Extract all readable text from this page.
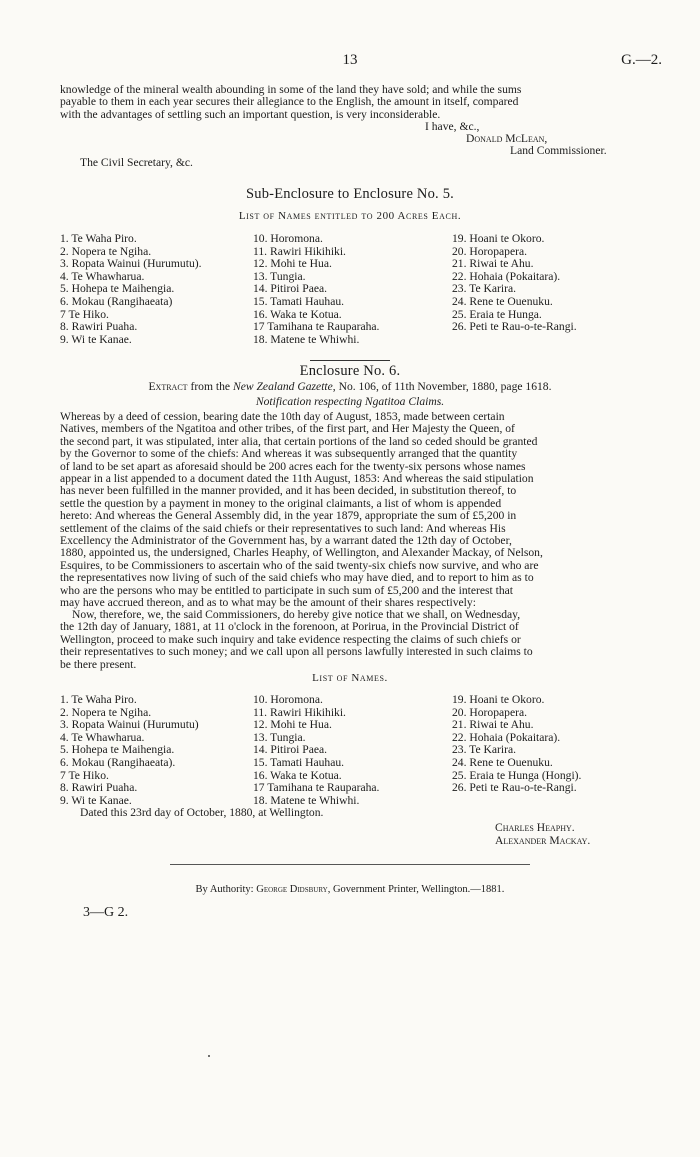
13	G.—2.
knowledge of the mineral wealth abounding in some of the land they have sold; and while the sums
payable to them in each year secures their allegiance to the English, the amount in itself, compared
with the advantages of settling such an important question, is very inconsiderable.
I have, &c.,
Donald McLean,
Land Commissioner.
The Civil Secretary, &c.
Sub-Enclosure to Enclosure No. 5.
List of Names entitled to 200 Acres Each.
1. Te Waha Piro.
2. Nopera te Ngiha.
3. Ropata Wainui (Hurumutu).
4. Te Whawharua.
5. Hohepa te Maihengia.
6. Mokau (Rangihaeata)
7 Te Hiko.
8. Rawiri Puaha.
9. Wi te Kanae.
10. Horomona.
11. Rawiri Hikihiki.
12. Mohi te Hua.
13. Tungia.
14. Pitiroi Paea.
15. Tamati Hauhau.
16. Waka te Kotua.
17 Tamihana te Rauparaha.
18. Matene te Whiwhi.
19. Hoani te Okoro.
20. Horopapera.
21. Riwai te Ahu.
22. Hohaia (Pokaitara).
23. Te Karira.
24. Rene te Ouenuku.
25. Eraia te Hunga.
26. Peti te Rau-o-te-Rangi.
Enclosure No. 6.
Extract from the New Zealand Gazette, No. 106, of 11th November, 1880, page 1618.
Notification respecting Ngatitoa Claims.
Whereas by a deed of cession, bearing date the 10th day of August, 1853, made between certain
Natives, members of the Ngatitoa and other tribes, of the first part, and Her Majesty the Queen, of
the second part, it was stipulated, inter alia, that certain portions of the land so ceded should be granted
by the Governor to some of the chiefs: And whereas it was subsequently arranged that the quantity
of land to be set apart as aforesaid should be 200 acres each for the twenty-six persons whose names
appear in a list appended to a document dated the 11th August, 1853: And whereas the said stipulation
has never been fulfilled in the manner provided, and it has been decided, in substitution thereof, to
settle the question by a payment in money to the original claimants, a list of whom is appended
hereto: And whereas the General Assembly did, in the year 1879, appropriate the sum of £5,200 in
settlement of the claims of the said chiefs or their representatives to such land: And whereas His
Excellency the Administrator of the Government has, by a warrant dated the 12th day of October,
1880, appointed us, the undersigned, Charles Heaphy, of Wellington, and Alexander Mackay, of Nelson,
Esquires, to be Commissioners to ascertain who of the said twenty-six chiefs now survive, and who are
the representatives now living of such of the said chiefs who may have died, and to report to him as to
who are the persons who may be entitled to participate in such sum of £5,200 and the interest that
may have accrued thereon, and as to what may be the amount of their shares respectively:
Now, therefore, we, the said Commissioners, do hereby give notice that we shall, on Wednesday,
the 12th day of January, 1881, at 11 o'clock in the forenoon, at Porirua, in the Provincial District of
Wellington, proceed to make such inquiry and take evidence respecting the claims of such chiefs or
their representatives to such money; and we call upon all persons lawfully interested in such claims to
be there present.
List of Names.
1. Te Waha Piro.
2. Nopera te Ngiha.
3. Ropata Wainui (Hurumutu)
4. Te Whawharua.
5. Hohepa te Maihengia.
6. Mokau (Rangihaeata).
7 Te Hiko.
8. Rawiri Puaha.
9. Wi te Kanae.
10. Horomona.
11. Rawiri Hikihiki.
12. Mohi te Hua.
13. Tungia.
14. Pitiroi Paea.
15. Tamati Hauhau.
16. Waka te Kotua.
17 Tamihana te Rauparaha.
18. Matene te Whiwhi.
19. Hoani te Okoro.
20. Horopapera.
21. Riwai te Ahu.
22. Hohaia (Pokaitara).
23. Te Karira.
24. Rene te Ouenuku.
25. Eraia te Hunga (Hongi).
26. Peti te Rau-o-te-Rangi.
Dated this 23rd day of October, 1880, at Wellington.
Charles Heaphy.
Alexander Mackay.
By Authority: George Didsbury, Government Printer, Wellington.—1881.
3—G 2.
